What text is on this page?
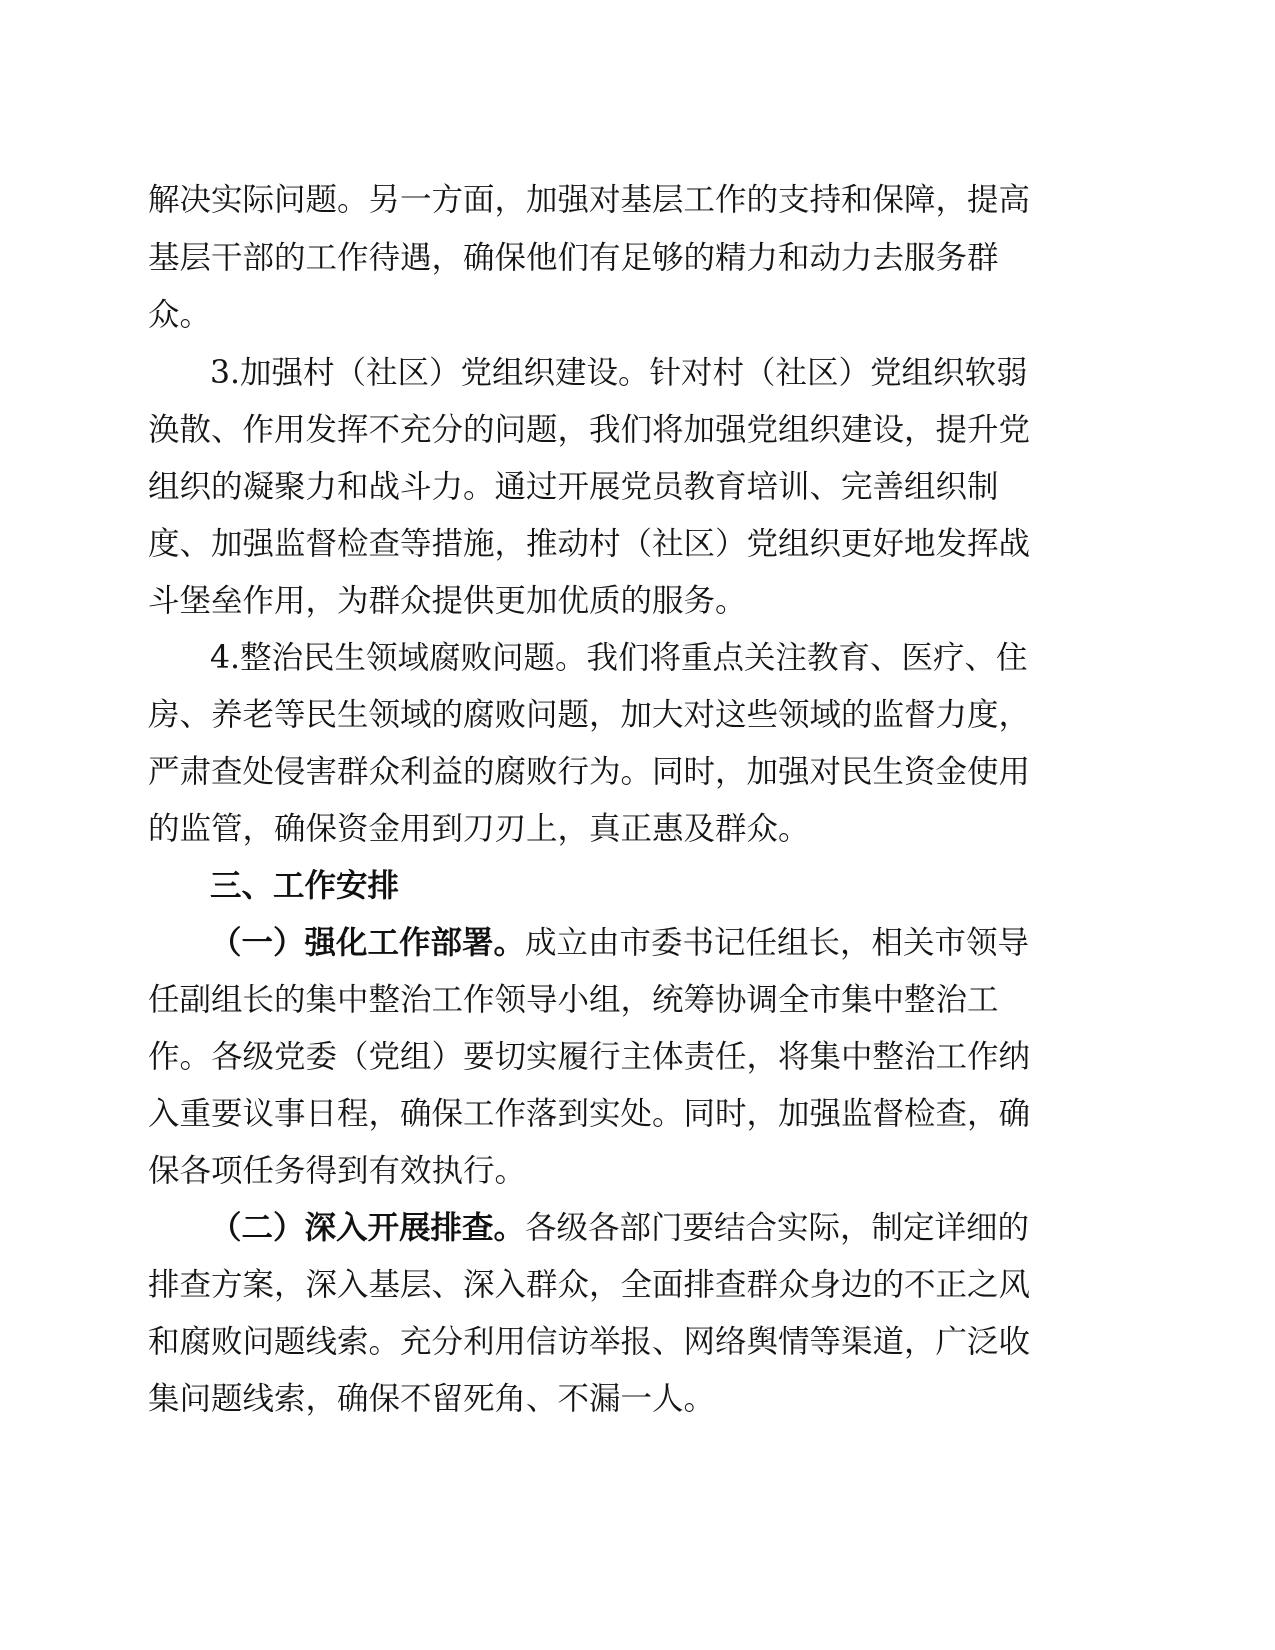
解决实际问题。另一方面，加强对基层工作的支持和保障，提高
基层干部的工作待遇，确保他们有足够的精力和动力去服务群
众。
3.加强村（社区）党组织建设。针对村（社区）党组织软弱
涣散、作用发挥不充分的问题，我们将加强党组织建设，提升党
组织的凝聚力和战斗力。通过开展党员教育培训、完善组织制
度、加强监督检查等措施，推动村（社区）党组织更好地发挥战
斗堡垒作用，为群众提供更加优质的服务。
4.整治民生领域腐败问题。我们将重点关注教育、医疗、住
房、养老等民生领域的腐败问题，加大对这些领域的监督力度，
严肃查处侵害群众利益的腐败行为。同时，加强对民生资金使用
的监管，确保资金用到刀刃上，真正惠及群众。
三、工作安排
（一）强化工作部署。成立由市委书记任组长，相关市领导
任副组长的集中整治工作领导小组，统筹协调全市集中整治工
作。各级党委（党组）要切实履行主体责任，将集中整治工作纳
入重要议事日程，确保工作落到实处。同时，加强监督检查，确
保各项任务得到有效执行。
（二）深入开展排查。各级各部门要结合实际，制定详细的
排查方案，深入基层、深入群众，全面排查群众身边的不正之风
和腐败问题线索。充分利用信访举报、网络舆情等渠道，广泛收
集问题线索，确保不留死角、不漏一人。
